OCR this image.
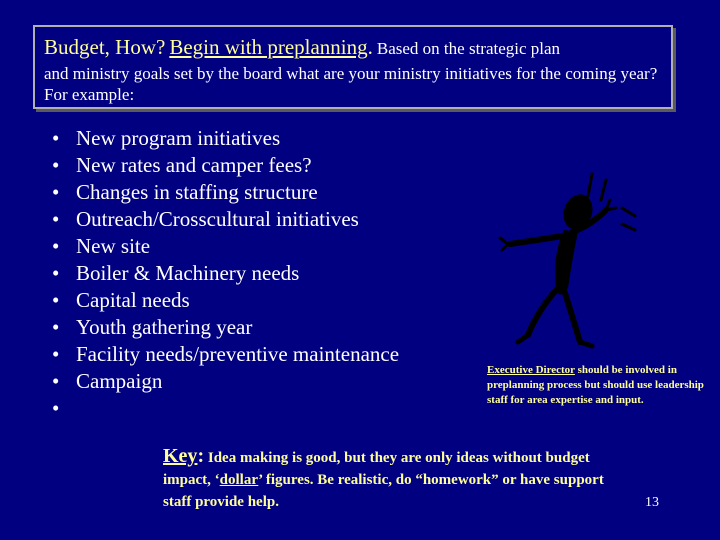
Budget, How? Begin with preplanning. Based on the strategic plan
and ministry goals set by the board what are your ministry initiatives for the coming year? For example:
• New program initiatives
• New rates and camper fees?
• Changes in staffing structure
• Outreach/Crosscultural initiatives
• New site
• Boiler & Machinery needs
• Capital needs
• Youth gathering year
• Facility needs/preventive maintenance
• Campaign
•
Executive Director should be involved in preplanning process but should use leadership staff for area expertise and input.
Key: Idea making is good, but they are only ideas without budget impact, ‘dollar’ figures. Be realistic, do “homework” or have support staff provide help.	13
